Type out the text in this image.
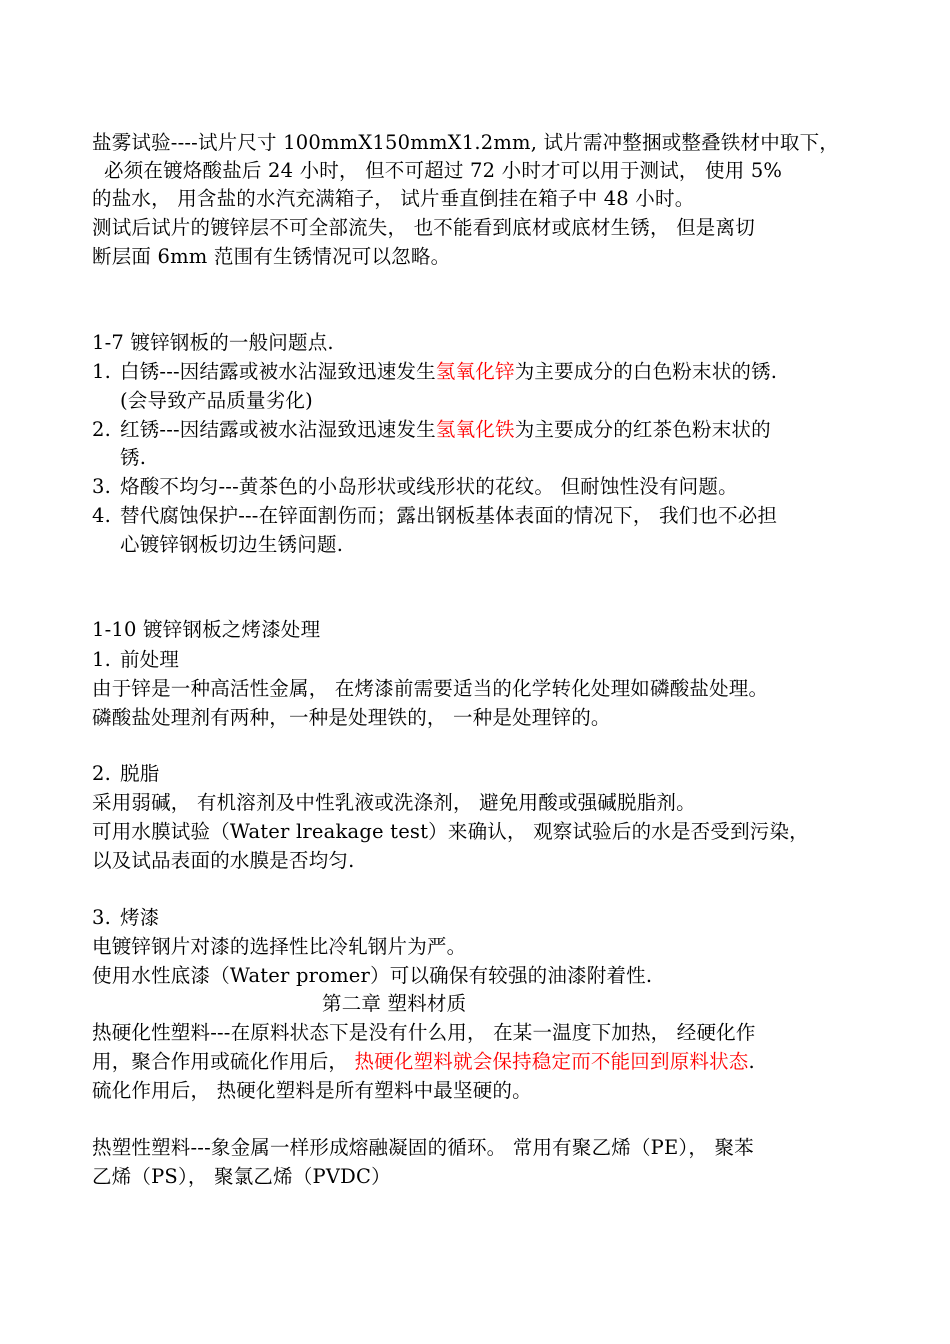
盐雾试验----试片尺寸 100mmX150mmX1.2mm, 试片需冲整捆或整叠铁材中取下，
必须在镀烙酸盐后 24 小时， 但不可超过 72 小时才可以用于测试， 使用 5%
的盐水， 用含盐的水汽充满箱子， 试片垂直倒挂在箱子中 48 小时。
测试后试片的镀锌层不可全部流失， 也不能看到底材或底材生锈， 但是离切
断层面 6mm 范围有生锈情况可以忽略。
1-7 镀锌钢板的一般问题点.
1. 白锈---因结露或被水沾湿致迅速发生氢氧化锌为主要成分的白色粉末状的锈.
(会导致产品质量劣化)
2. 红锈---因结露或被水沾湿致迅速发生氢氧化铁为主要成分的红茶色粉末状的
锈.
3. 烙酸不均匀---黄茶色的小岛形状或线形状的花纹。 但耐蚀性没有问题。
4. 替代腐蚀保护---在锌面割伤而；露出钢板基体表面的情况下， 我们也不必担
心镀锌钢板切边生锈问题.
1-10 镀锌钢板之烤漆处理
1. 前处理
由于锌是一种高活性金属， 在烤漆前需要适当的化学转化处理如磷酸盐处理。
磷酸盐处理剂有两种，一种是处理铁的， 一种是处理锌的。
2. 脱脂
采用弱碱， 有机溶剂及中性乳液或洗涤剂， 避免用酸或强碱脱脂剂。
可用水膜试验（Water lreakage test）来确认， 观察试验后的水是否受到污染，
以及试品表面的水膜是否均匀.
3. 烤漆
电镀锌钢片对漆的选择性比冷轧钢片为严。
使用水性底漆（Water promer）可以确保有较强的油漆附着性.
第二章 塑料材质
热硬化性塑料---在原料状态下是没有什么用， 在某一温度下加热， 经硬化作
用，聚合作用或硫化作用后， 热硬化塑料就会保持稳定而不能回到原料状态.
硫化作用后， 热硬化塑料是所有塑料中最坚硬的。
热塑性塑料---象金属一样形成熔融凝固的循环。 常用有聚乙烯（PE）， 聚苯
乙烯（PS）， 聚氯乙烯（PVDC）
